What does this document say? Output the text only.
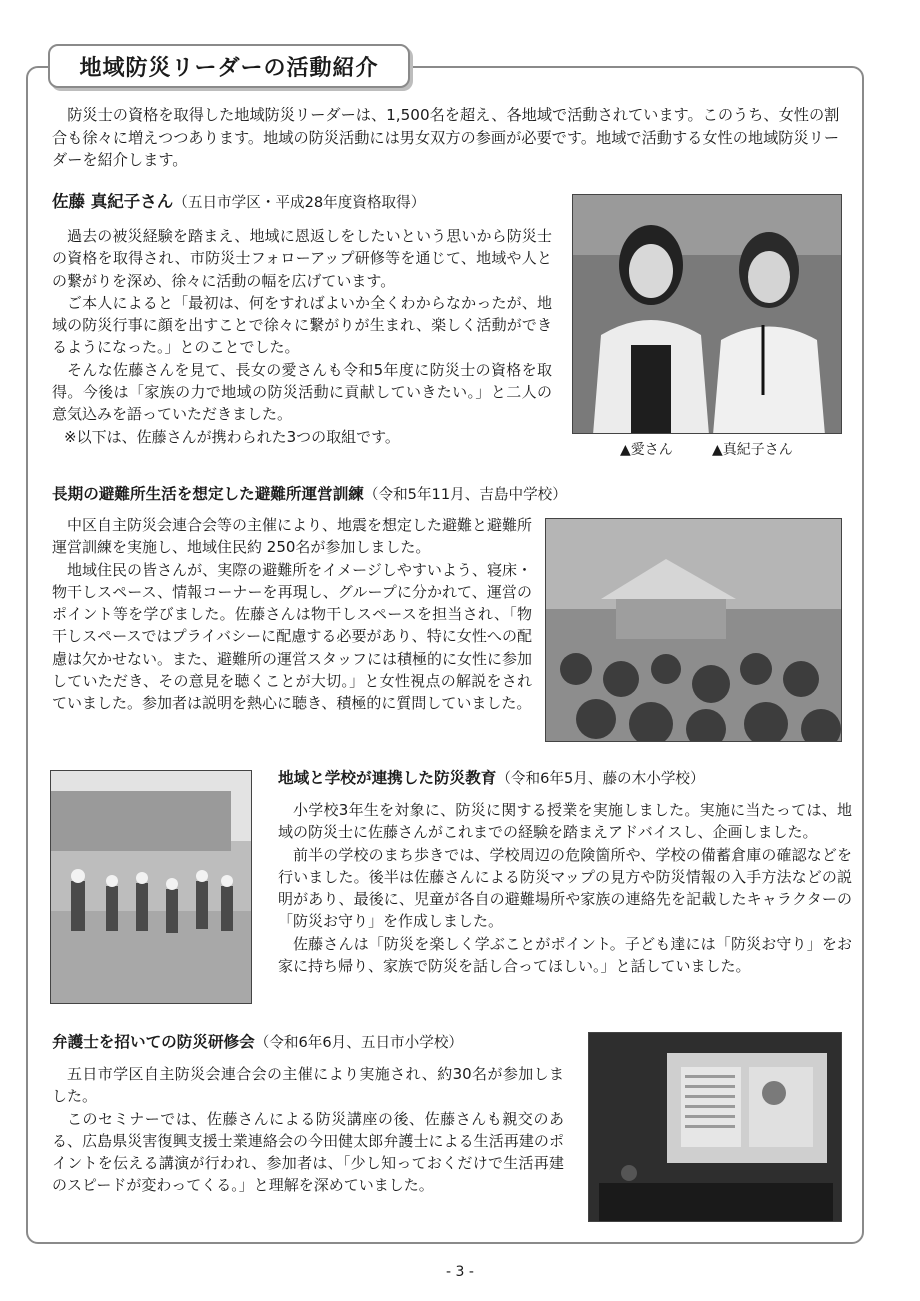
地域防災リーダーの活動紹介
防災士の資格を取得した地域防災リーダーは、1,500名を超え、各地域で活動されています。このうち、女性の割合も徐々に増えつつあります。地域の防災活動には男女双方の参画が必要です。地域で活動する女性の地域防災リーダーを紹介します。
佐藤 真紀子さん（五日市学区・平成28年度資格取得）

過去の被災経験を踏まえ、地域に恩返しをしたいという思いから防災士の資格を取得され、市防災士フォローアップ研修等を通じて、地域や人との繋がりを深め、徐々に活動の幅を広げています。

ご本人によると「最初は、何をすればよいか全くわからなかったが、地域の防災行事に顔を出すことで徐々に繋がりが生まれ、楽しく活動ができるようになった。」とのことでした。

そんな佐藤さんを見て、長女の愛さんも令和5年度に防災士の資格を取得。今後は「家族の力で地域の防災活動に貢献していきたい。」と二人の意気込みを語っていただきました。

※以下は、佐藤さんが携わられた3つの取組です。

▲愛さん	▲真紀子さん
長期の避難所生活を想定した避難所運営訓練（令和5年11月、吉島中学校）

中区自主防災会連合会等の主催により、地震を想定した避難と避難所運営訓練を実施し、地域住民約 250名が参加しました。

地域住民の皆さんが、実際の避難所をイメージしやすいよう、寝床・物干しスペース、情報コーナーを再現し、グループに分かれて、運営のポイント等を学びました。佐藤さんは物干しスペースを担当され、「物干しスペースではプライバシーに配慮する必要があり、特に女性への配慮は欠かせない。また、避難所の運営スタッフには積極的に女性に参加していただき、その意見を聴くことが大切。」と女性視点の解説をされていました。参加者は説明を熱心に聴き、積極的に質問していました。

地域と学校が連携した防災教育（令和6年5月、藤の木小学校）

小学校3年生を対象に、防災に関する授業を実施しました。実施に当たっては、地域の防災士に佐藤さんがこれまでの経験を踏まえアドバイスし、企画しました。

前半の学校のまち歩きでは、学校周辺の危険箇所や、学校の備蓄倉庫の確認などを行いました。後半は佐藤さんによる防災マップの見方や防災情報の入手方法などの説明があり、最後に、児童が各自の避難場所や家族の連絡先を記載したキャラクターの「防災お守り」を作成しました。

佐藤さんは「防災を楽しく学ぶことがポイント。子ども達には「防災お守り」をお家に持ち帰り、家族で防災を話し合ってほしい。」と話していました。

弁護士を招いての防災研修会（令和6年6月、五日市小学校）

五日市学区自主防災会連合会の主催により実施され、約30名が参加しました。

このセミナーでは、佐藤さんによる防災講座の後、佐藤さんも親交のある、広島県災害復興支援士業連絡会の今田健太郎弁護士による生活再建のポイントを伝える講演が行われ、参加者は、「少し知っておくだけで生活再建のスピードが変わってくる。」と理解を深めていました。

- 3 -
